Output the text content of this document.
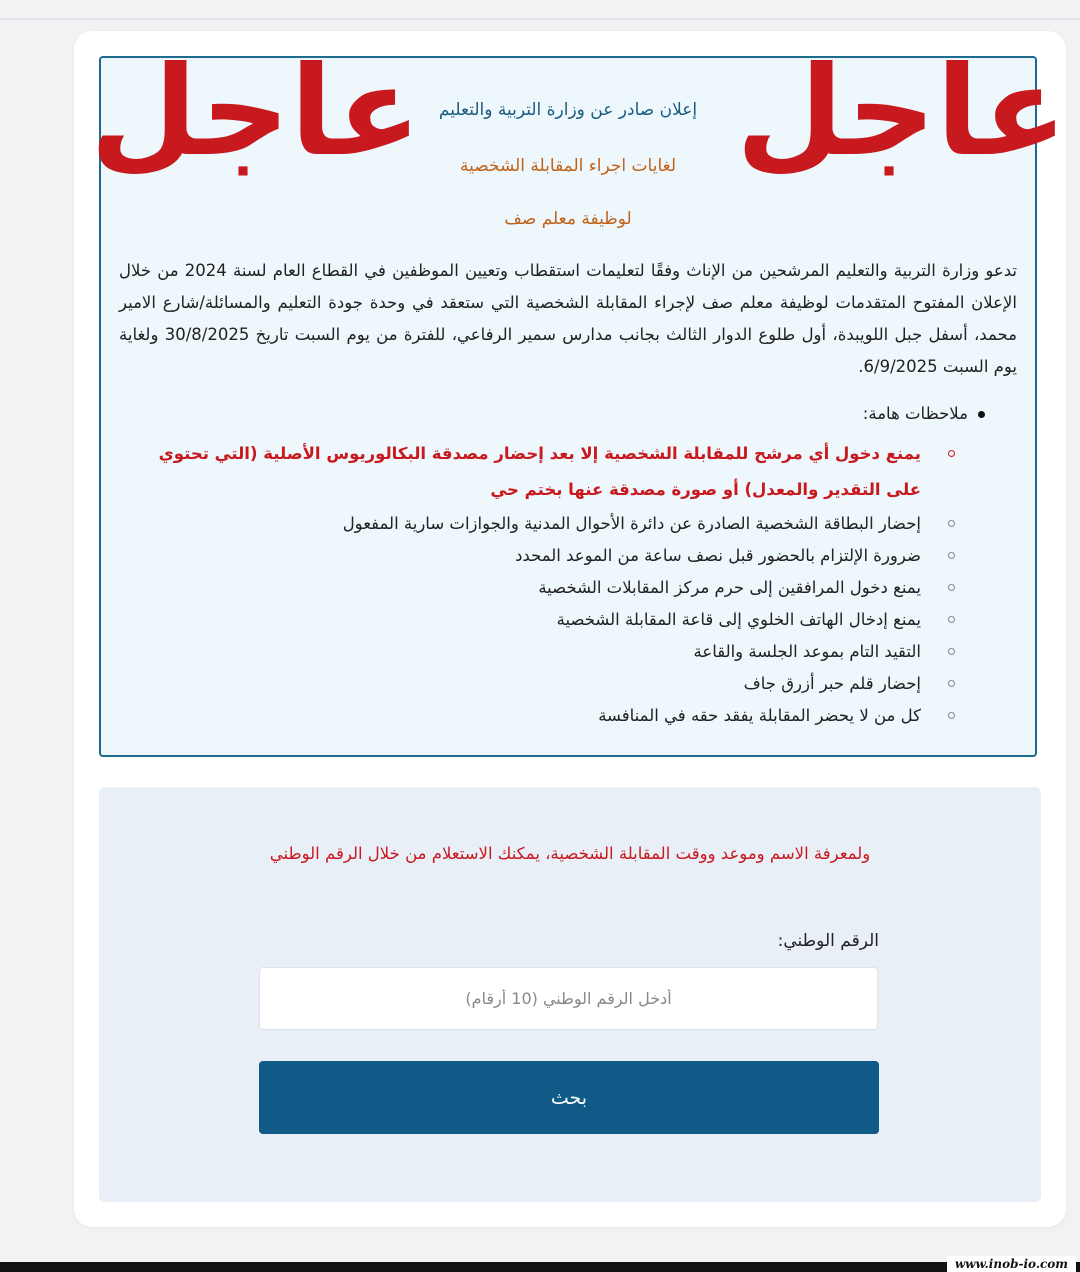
إعلان صادر عن وزارة التربية والتعليم
لغايات اجراء المقابلة الشخصية
لوظيفة معلم صف
تدعو وزارة التربية والتعليم المرشحين من الإناث وفقًا لتعليمات استقطاب وتعيين الموظفين في القطاع العام لسنة 2024 من خلال الإعلان المفتوح المتقدمات لوظيفة معلم صف لإجراء المقابلة الشخصية التي ستعقد في وحدة جودة التعليم والمسائلة/شارع الامير محمد، أسفل جبل اللويبدة، أول طلوع الدوار الثالث بجانب مدارس سمير الرفاعي، للفترة من يوم السبت تاريخ 30/8/2025 ولغاية يوم السبت 6/9/2025.
ملاحظات هامة:
يمنع دخول أي مرشح للمقابلة الشخصية إلا بعد إحضار مصدقة البكالوريوس الأصلية (التي تحتوي على التقدير والمعدل) أو صورة مصدقة عنها بختم حي
إحضار البطاقة الشخصية الصادرة عن دائرة الأحوال المدنية والجوازات سارية المفعول
ضرورة الإلتزام بالحضور قبل نصف ساعة من الموعد المحدد
يمنع دخول المرافقين إلى حرم مركز المقابلات الشخصية
يمنع إدخال الهاتف الخلوي إلى قاعة المقابلة الشخصية
التقيد التام بموعد الجلسة والقاعة
إحضار قلم حبر أزرق جاف
كل من لا يحضر المقابلة يفقد حقه في المنافسة
عاجل
عاجل
ولمعرفة الاسم وموعد ووقت المقابلة الشخصية، يمكنك الاستعلام من خلال الرقم الوطني
الرقم الوطني:
أدخل الرقم الوطني (10 أرقام)
بحث
www.inob-io.com
